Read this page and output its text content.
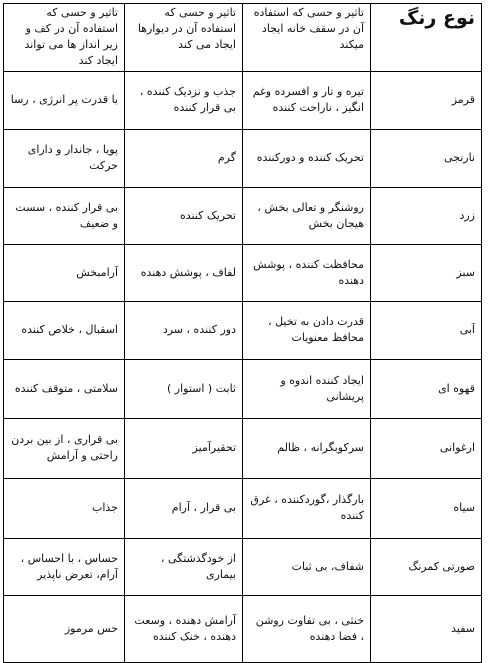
نوع رنگ	تاثیر و حسی که استفاده آن در سقف خانه ایجاد میکند	تاثیر و حسی که استفاده آن در دیوارها ایجاد می کند	تاثیر و حسی که استفاده آن در کف و زیر انداز ها می تواند ایجاد کند
قرمز	تیره و تار و افسرده وغم انگیز ، ناراحت کننده	جذب و نزدیک کننده ، بی قرار کننده	با قدرت پر انرژی ، رسا
نارنجی	تحریک کننده و دورکننده	گرم	پویا ، جاندار و دارای حرکت
زرد	روشنگر و تعالی بخش ، هیجان بخش	تحریک کننده	بی قرار کننده ، سست و ضعیف
سبز	محافظت کننده ، پوشش دهنده	لفاف ، پوشش دهنده	آرامبخش
آبی	قدرت دادن به تخیل ، محافظ معنویات	دور کننده ، سرد	اسقبال ، خلاص کننده
قهوه ای	ایجاد کننده اندوه و پریشانی	ثابت ( استوار )	سلامتی ، متوقف کننده
ارغوانی	سرکوبگرانه ، ظالم	تحقیرآمیز	بی قراری ، از بین بردن راحتی و آرامش
سیاه	بارگذار ،گوردکننده ، غرق کننده	بی قرار ، آرام	جذاب
صورتی کمرنگ	شفاف، بی ثبات	از خودگذشتگی ، بیماری	حساس ، با احساس ، آرام، تعرض ناپذیر
سفید	خنثی ، بی تفاوت روشن ، فضا دهنده	آرامش دهنده ، وسعت دهنده ، خنک کننده	حس مرموز
